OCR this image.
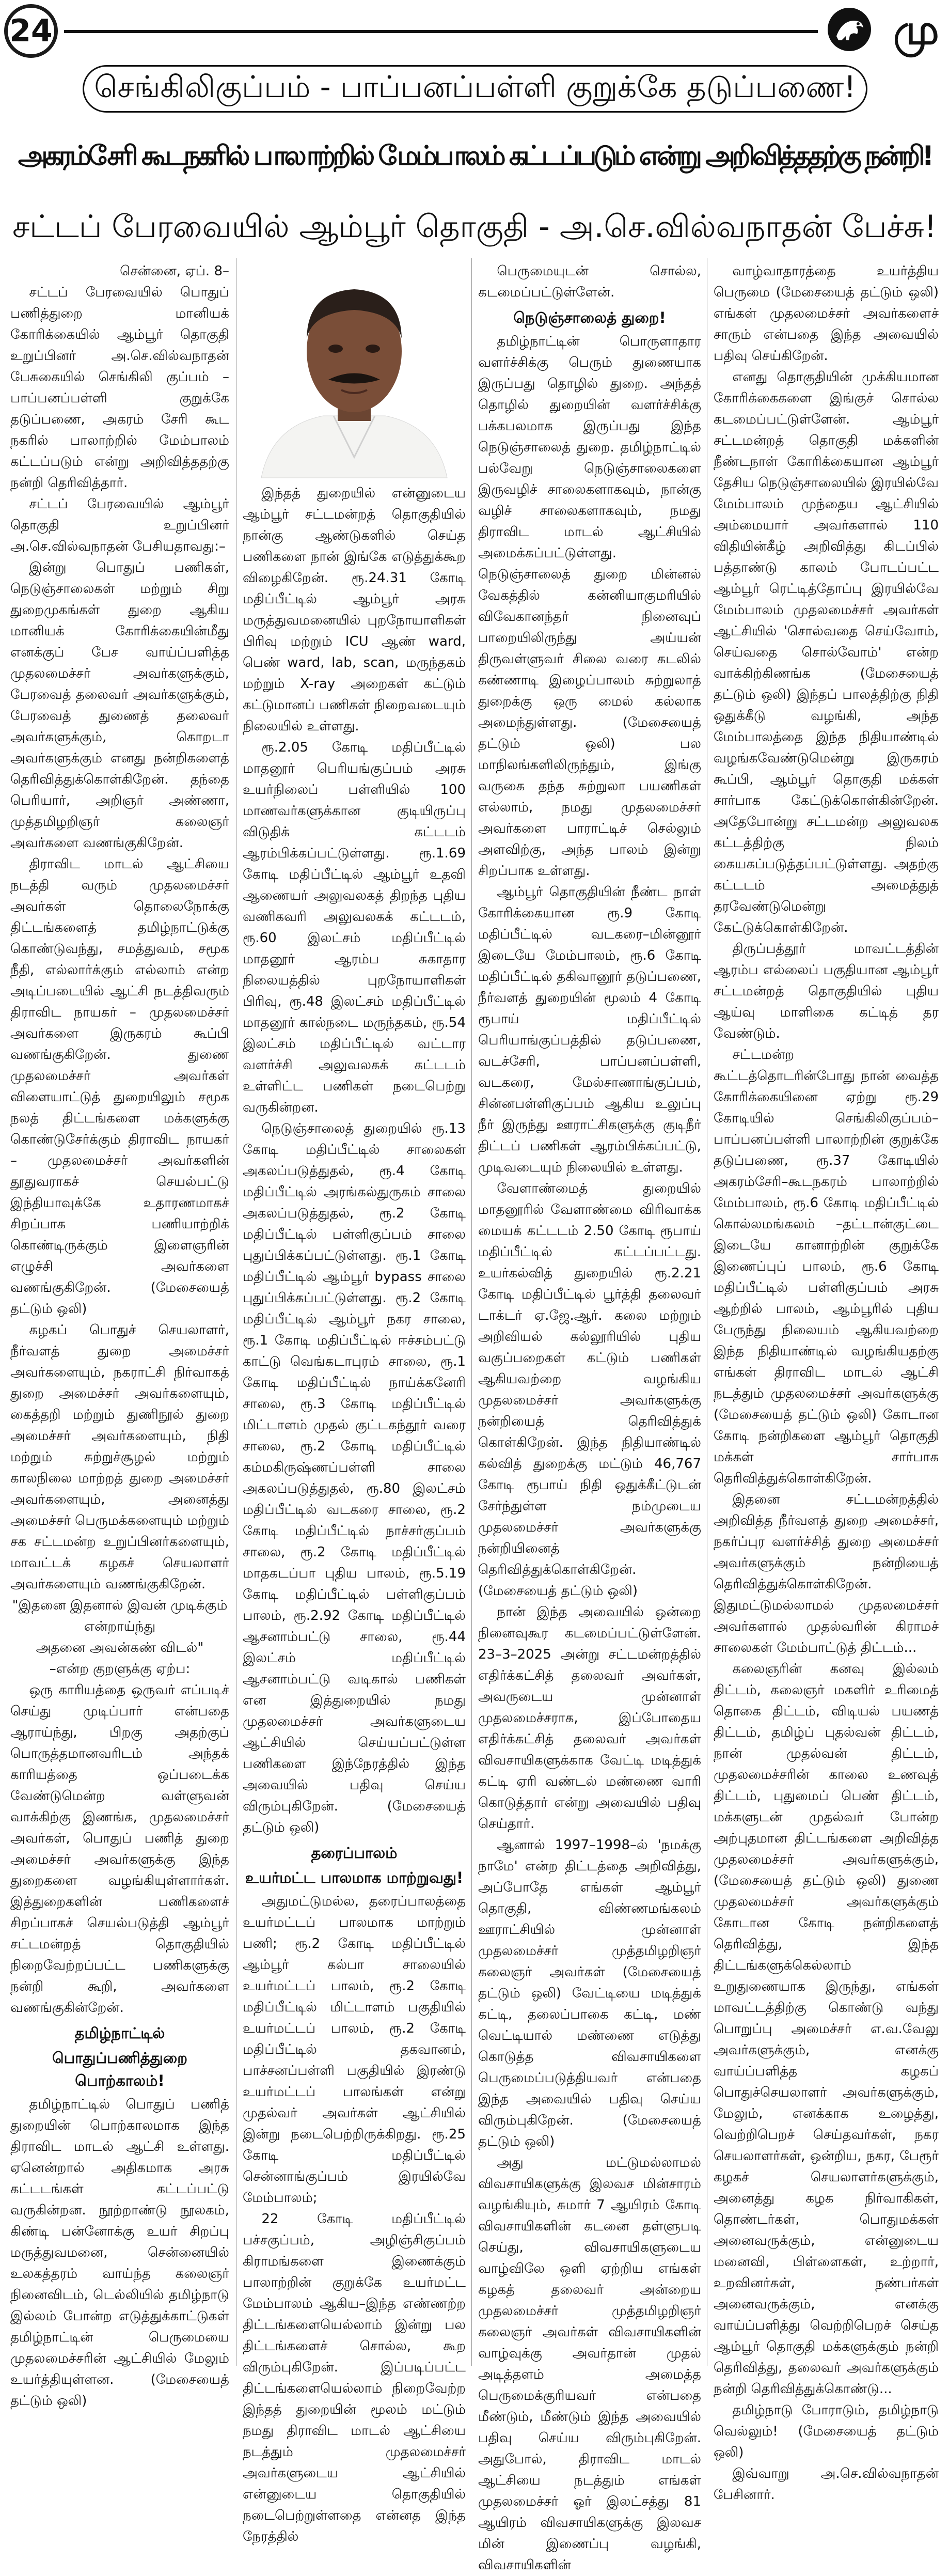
24	மு
செங்கிலிகுப்பம் - பாப்பனப்பள்ளி குறுக்கே தடுப்பணை!
அகரம்சேரி கூடநகரில் பாலாற்றில் மேம்பாலம் கட்டப்படும் என்று அறிவித்ததற்கு நன்றி!
சட்டப் பேரவையில் ஆம்பூர் தொகுதி - அ.செ.வில்வநாதன் பேச்சு!

சென்னை, ஏப். 8–

சட்டப் பேரவையில் பொதுப் பணித்துறை மானியக் கோரிக்கையில் ஆம்பூர் தொகுதி உறுப்பினர் அ.செ.வில்வநாதன் பேசுகையில் செங்கிலி குப்பம் – பாப்பனப்பள்ளி குறுக்கே தடுப்பணை, அகரம் சேரி கூட நகரில் பாலாற்றில் மேம்பாலம் கட்டப்படும் என்று அறிவித்ததற்கு நன்றி தெரிவித்தார்.

சட்டப் பேரவையில் ஆம்பூர் தொகுதி உறுப்பினர் அ.செ.வில்வநாதன் பேசியதாவது:–

இன்று பொதுப் பணிகள், நெடுஞ்சாலைகள் மற்றும் சிறு துறைமுகங்கள் துறை ஆகிய மானியக் கோரிக்கையின்மீது எனக்குப் பேச வாய்ப்பளித்த முதலமைச்சர் அவர்களுக்கும், பேரவைத் தலைவர் அவர்களுக்கும், பேரவைத் துணைத் தலைவர் அவர்களுக்கும், கொறடா அவர்களுக்கும் எனது நன்றிகளைத் தெரிவித்துக்கொள்கிறேன். தந்தை பெரியார், அறிஞர் அண்ணா, முத்தமிழறிஞர் கலைஞர் அவர்களை வணங்குகிறேன்.

திராவிட மாடல் ஆட்சியை நடத்தி வரும் முதலமைச்சர் அவர்கள் தொலைநோக்கு திட்டங்களைத் தமிழ்நாட்டுக்கு கொண்டுவந்து, சமத்துவம், சமூக நீதி, எல்லார்க்கும் எல்லாம் என்ற அடிப்படையில் ஆட்சி நடத்திவரும் திராவிட நாயகர் – முதலமைச்சர் அவர்களை இருகரம் கூப்பி வணங்குகிறேன். துணை முதலமைச்சர் அவர்கள் விளையாட்டுத் துறையிலும் சமூக நலத் திட்டங்களை மக்களுக்கு கொண்டுசேர்க்கும் திராவிட நாயகர் – முதலமைச்சர் அவர்களின் தூதுவராகச் செயல்பட்டு இந்தியாவுக்கே உதாரணமாகச் சிறப்பாக பணியாற்றிக் கொண்டிருக்கும் இளைஞரின் எழுச்சி அவர்களை வணங்குகிறேன். (மேசையைத் தட்டும் ஒலி)

கழகப் பொதுச் செயலாளர், நீர்வளத் துறை அமைச்சர் அவர்களையும், நகராட்சி நிர்வாகத் துறை அமைச்சர் அவர்களையும், கைத்தறி மற்றும் துணிநூல் துறை அமைச்சர் அவர்களையும், நிதி மற்றும் சுற்றுச்சூழல் மற்றும் காலநிலை மாற்றத் துறை அமைச்சர் அவர்களையும், அனைத்து அமைச்சர் பெருமக்களையும் மற்றும் சக சட்டமன்ற உறுப்பினர்களையும், மாவட்டக் கழகச் செயலாளர் அவர்களையும் வணங்குகிறேன்.

"இதனை இதனால் இவன் முடிக்கும் என்றாய்ந்து

அதனை அவன்கண் விடல்"

–என்ற குறளுக்கு ஏற்ப:

ஒரு காரியத்தை ஒருவர் எப்படிச் செய்து முடிப்பார் என்பதை ஆராய்ந்து, பிறகு அதற்குப் பொருத்தமானவரிடம் அந்தக் காரியத்தை ஒப்படைக்க வேண்டுமென்ற வள்ளுவன் வாக்கிற்கு இணங்க, முதலமைச்சர் அவர்கள், பொதுப் பணித் துறை அமைச்சர் அவர்களுக்கு இந்த துறைகளை வழங்கியுள்ளார்கள். இத்துறைகளின் பணிகளைச் சிறப்பாகச் செயல்படுத்தி ஆம்பூர் சட்டமன்றத் தொகுதியில் நிறைவேற்றப்பட்ட பணிகளுக்கு நன்றி கூறி, அவர்களை வணங்குகின்றேன்.

தமிழ்நாட்டில்
பொதுப்பணித்துறை பொற்காலம்!

தமிழ்நாட்டில் பொதுப் பணித் துறையின் பொற்காலமாக இந்த திராவிட மாடல் ஆட்சி உள்ளது. ஏனென்றால் அதிகமாக அரசு கட்டடங்கள் கட்டப்பட்டு வருகின்றன. நூற்றாண்டு நூலகம், கிண்டி பன்னோக்கு உயர் சிறப்பு மருத்துவமனை, சென்னையில் உலகத்தரம் வாய்ந்த கலைஞர் நினைவிடம், டெல்லியில் தமிழ்நாடு இல்லம் போன்ற எடுத்துக்காட்டுகள் தமிழ்நாட்டின் பெருமையை முதலமைச்சரின் ஆட்சியில் மேலும் உயர்த்தியுள்ளன. (மேசையைத் தட்டும் ஒலி)

இந்தத் துறையில் என்னுடைய ஆம்பூர் சட்டமன்றத் தொகுதியில் நான்கு ஆண்டுகளில் செய்த பணிகளை நான் இங்கே எடுத்துக்கூற விழைகிறேன். ரூ.24.31 கோடி மதிப்பீட்டில் ஆம்பூர் அரசு மருத்துவமனையில் புறநோயாளிகள் பிரிவு மற்றும் ICU ஆண் ward, பெண் ward, lab, scan, மருந்தகம் மற்றும் X-ray அறைகள் கட்டும் கட்டுமானப் பணிகள் நிறைவடையும் நிலையில் உள்ளது.

ரூ.2.05 கோடி மதிப்பீட்டில் மாதனூர் பெரியங்குப்பம் அரசு உயர்நிலைப் பள்ளியில் 100 மாணவர்களுக்கான குடியிருப்பு விடுதிக் கட்டடம் ஆரம்பிக்கப்பட்டுள்ளது. ரூ.1.69 கோடி மதிப்பீட்டில் ஆம்பூர் உதவி ஆணையர் அலுவலகத் திறந்த புதிய வணிகவரி அலுவலகக் கட்டடம், ரூ.60 இலட்சம் மதிப்பீட்டில் மாதனூர் ஆரம்ப சுகாதார நிலையத்தில் புறநோயாளிகள் பிரிவு, ரூ.48 இலட்சம் மதிப்பீட்டில் மாதனூர் கால்நடை மருந்தகம், ரூ.54 இலட்சம் மதிப்பீட்டில் வட்டார வளர்ச்சி அலுவலகக் கட்டடம் உள்ளிட்ட பணிகள் நடைபெற்று வருகின்றன.

நெடுஞ்சாலைத் துறையில் ரூ.13 கோடி மதிப்பீட்டில் சாலைகள் அகலப்படுத்துதல், ரூ.4 கோடி மதிப்பீட்டில் அரங்கல்துருகம் சாலை அகலப்படுத்துதல், ரூ.2 கோடி மதிப்பீட்டில் பள்ளிகுப்பம் சாலை புதுப்பிக்கப்பட்டுள்ளது. ரூ.1 கோடி மதிப்பீட்டில் ஆம்பூர் bypass சாலை புதுப்பிக்கப்பட்டுள்ளது. ரூ.2 கோடி மதிப்பீட்டில் ஆம்பூர் நகர சாலை, ரூ.1 கோடி மதிப்பீட்டில் ஈச்சம்பட்டு காட்டு வெங்கடாபுரம் சாலை, ரூ.1 கோடி மதிப்பீட்டில் நாய்க்கனேரி சாலை, ரூ.3 கோடி மதிப்பீட்டில் மிட்டாளம் முதல் குட்டகந்தூர் வரை சாலை, ரூ.2 கோடி மதிப்பீட்டில் கம்மகிருஷ்ணப்பள்ளி சாலை அகலப்படுத்துதல், ரூ.80 இலட்சம் மதிப்பீட்டில் வடகரை சாலை, ரூ.2 கோடி மதிப்பீட்டில் நாச்சர்குப்பம் சாலை, ரூ.2 கோடி மதிப்பீட்டில் மாதகடப்பா புதிய பாலம், ரூ.5.19 கோடி மதிப்பீட்டில் பள்ளிகுப்பம் பாலம், ரூ.2.92 கோடி மதிப்பீட்டில் ஆசனாம்பட்டு சாலை, ரூ.44 இலட்சம் மதிப்பீட்டில் ஆசனாம்பட்டு வடிகால் பணிகள் என இத்துறையில் நமது முதலமைச்சர் அவர்களுடைய ஆட்சியில் செய்யப்பட்டுள்ள பணிகளை இந்நேரத்தில் இந்த அவையில் பதிவு செய்ய விரும்புகிறேன். (மேசையைத் தட்டும் ஒலி)

தரைப்பாலம்
உயர்மட்ட பாலமாக மாற்றுவது!

அதுமட்டுமல்ல, தரைப்பாலத்தை உயர்மட்டப் பாலமாக மாற்றும் பணி; ரூ.2 கோடி மதிப்பீட்டில் ஆம்பூர் கல்பா சாலையில் உயர்மட்டப் பாலம், ரூ.2 கோடி மதிப்பீட்டில் மிட்டாளம் பகுதியில் உயர்மட்டப் பாலம், ரூ.2 கோடி மதிப்பீட்டில் தகவானம், பாச்சனப்பள்ளி பகுதியில் இரண்டு உயர்மட்டப் பாலங்கள் என்று முதல்வர் அவர்கள் ஆட்சியில் இன்று நடைபெற்றிருக்கிறது. ரூ.25 கோடி மதிப்பீட்டில் சென்னாங்குப்பம் இரயில்வே மேம்பாலம்;

22 கோடி மதிப்பீட்டில் பச்சகுப்பம், அழிஞ்சிகுப்பம் கிராமங்களை இணைக்கும் பாலாற்றின் குறுக்கே உயர்மட்ட மேம்பாலம் ஆகிய–இந்த எண்ணற்ற திட்டங்களையெல்லாம் இன்று பல திட்டங்களைச் சொல்ல, கூற விரும்புகிறேன். இப்படிப்பட்ட திட்டங்களையெல்லாம் நிறைவேற்ற இந்தத் துறையின் மூலம் மட்டும் நமது திராவிட மாடல் ஆட்சியை நடத்தும் முதலமைச்சர் அவர்களுடைய ஆட்சியில் என்னுடைய தொகுதியில் நடைபெற்றுள்ளதை என்னத இந்த நேரத்தில்

பெருமையுடன் சொல்ல, கடமைப்பட்டுள்ளேன்.

நெடுஞ்சாலைத் துறை!

தமிழ்நாட்டின் பொருளாதார வளர்ச்சிக்கு பெரும் துணையாக இருப்பது தொழில் துறை. அந்தத் தொழில் துறையின் வளர்ச்சிக்கு பக்கபலமாக இருப்பது இந்த நெடுஞ்சாலைத் துறை. தமிழ்நாட்டில் பல்வேறு நெடுஞ்சாலைகளை இருவழிச் சாலைகளாகவும், நான்கு வழிச் சாலைகளாகவும், நமது திராவிட மாடல் ஆட்சியில் அமைக்கப்பட்டுள்ளது. நெடுஞ்சாலைத் துறை மின்னல் வேகத்தில் கன்னியாகுமரியில் விவேகானந்தர் நினைவுப் பாறையிலிருந்து அய்யன் திருவள்ளுவர் சிலை வரை கடலில் கண்ணாடி இழைப்பாலம் சுற்றுலாத் துறைக்கு ஒரு மைல் கல்லாக அமைந்துள்ளது. (மேசையைத் தட்டும் ஒலி) பல மாநிலங்களிலிருந்தும், இங்கு வருகை தந்த சுற்றுலா பயணிகள் எல்லாம், நமது முதலமைச்சர் அவர்களை பாராட்டிச் செல்லும் அளவிற்கு, அந்த பாலம் இன்று சிறப்பாக உள்ளது.

ஆம்பூர் தொகுதியின் நீண்ட நாள் கோரிக்கையான ரூ.9 கோடி மதிப்பீட்டில் வடகரை–மின்னூர் இடையே மேம்பாலம், ரூ.6 கோடி மதிப்பீட்டில் தகிவானூர் தடுப்பணை, நீர்வளத் துறையின் மூலம் 4 கோடி ரூபாய் மதிப்பீட்டில் பெரியாங்குப்பத்தில் தடுப்பணை, வடச்சேரி, பாப்பனப்பள்ளி, வடகரை, மேல்சாணாங்குப்பம், சின்னபள்ளிகுப்பம் ஆகிய உலுப்பு நீர் இருந்து ஊராட்சிகளுக்கு குடிநீர் திட்டப் பணிகள் ஆரம்பிக்கப்பட்டு, முடிவடையும் நிலையில் உள்ளது.

வேளாண்மைத் துறையில் மாதனூரில் வேளாண்மை விரிவாக்க மையக் கட்டடம் 2.50 கோடி ரூபாய் மதிப்பீட்டில் கட்டப்பட்டது. உயர்கல்வித் துறையில் ரூ.2.21 கோடி மதிப்பீட்டில் பூர்த்தி தலைவர் டாக்டர் ஏ.ஜே.ஆர். கலை மற்றும் அறிவியல் கல்லூரியில் புதிய வகுப்பறைகள் கட்டும் பணிகள் ஆகியவற்றை வழங்கிய முதலமைச்சர் அவர்களுக்கு நன்றியைத் தெரிவித்துக் கொள்கிறேன். இந்த நிதியாண்டில் கல்வித் துறைக்கு மட்டும் 46,767 கோடி ரூபாய் நிதி ஒதுக்கீட்டுடன் சேர்ந்துள்ள நம்முடைய முதலமைச்சர் அவர்களுக்கு நன்றியினைத் தெரிவித்துக்கொள்கிறேன். (மேசையைத் தட்டும் ஒலி)

நான் இந்த அவையில் ஒன்றை நினைவுகூர கடமைப்பட்டுள்ளேன். 23–3–2025 அன்று சட்டமன்றத்தில் எதிர்க்கட்சித் தலைவர் அவர்கள், அவருடைய முன்னாள் முதலமைச்சராக, இப்போதைய எதிர்க்கட்சித் தலைவர் அவர்கள் விவசாயிகளுக்காக வேட்டி மடித்துக் கட்டி ஏரி வண்டல் மண்ணை வாரி கொடுத்தார் என்று அவையில் பதிவு செய்தார்.

ஆனால் 1997–1998–ல் 'நமக்கு நாமே' என்ற திட்டத்தை அறிவித்து, அப்போதே எங்கள் ஆம்பூர் தொகுதி, விண்ணமங்கலம் ஊராட்சியில் முன்னாள் முதலமைச்சர் முத்தமிழறிஞர் கலைஞர் அவர்கள் (மேசையைத் தட்டும் ஒலி) வேட்டியை மடித்துக் கட்டி, தலைப்பாகை கட்டி, மண் வெட்டியால் மண்ணை எடுத்து கொடுத்த விவசாயிகளை பெருமைப்படுத்தியவர் என்பதை இந்த அவையில் பதிவு செய்ய விரும்புகிறேன். (மேசையைத் தட்டும் ஒலி)

அது மட்டுமல்லாமல் விவசாயிகளுக்கு இலவச மின்சாரம் வழங்கியும், சுமார் 7 ஆயிரம் கோடி விவசாயிகளின் கடனை தள்ளுபடி செய்து, விவசாயிகளுடைய வாழ்விலே ஒளி ஏற்றிய எங்கள் கழகத் தலைவர் அன்றைய முதலமைச்சர் முத்தமிழறிஞர் கலைஞர் அவர்கள் விவசாயிகளின் வாழ்வுக்கு அவர்தான் முதல் அடித்தளம் அமைத்த பெருமைக்குரியவர் என்பதை மீண்டும், மீண்டும் இந்த அவையில் பதிவு செய்ய விரும்புகிறேன். அதுபோல், திராவிட மாடல் ஆட்சியை நடத்தும் எங்கள் முதலமைச்சர் ஓர் இலட்சத்து 81 ஆயிரம் விவசாயிகளுக்கு இலவச மின் இணைப்பு வழங்கி, விவசாயிகளின்

வாழ்வாதாரத்தை உயர்த்திய பெருமை (மேசையைத் தட்டும் ஒலி) எங்கள் முதலமைச்சர் அவர்களைச் சாரும் என்பதை இந்த அவையில் பதிவு செய்கிறேன்.

எனது தொகுதியின் முக்கியமான கோரிக்கைகளை இங்குச் சொல்ல கடமைப்பட்டுள்ளேன். ஆம்பூர் சட்டமன்றத் தொகுதி மக்களின் நீண்டநாள் கோரிக்கையான ஆம்பூர் தேசிய நெடுஞ்சாலையில் இரயில்வே மேம்பாலம் முந்தைய ஆட்சியில் அம்மையார் அவர்களால் 110 விதியின்கீழ் அறிவித்து கிடப்பில் பத்தாண்டு காலம் போடப்பட்ட ஆம்பூர் ரெட்டித்தோப்பு இரயில்வே மேம்பாலம் முதலமைச்சர் அவர்கள் ஆட்சியில் 'சொல்வதை செய்வோம், செய்வதை சொல்வோம்' என்ற வாக்கிற்கிணங்க (மேசையைத் தட்டும் ஒலி) இந்தப் பாலத்திற்கு நிதி ஒதுக்கீடு வழங்கி, அந்த மேம்பாலத்தை இந்த நிதியாண்டில் வழங்கவேண்டுமென்று இருகரம் கூப்பி, ஆம்பூர் தொகுதி மக்கள் சார்பாக கேட்டுக்கொள்கின்றேன். அதேபோன்று சட்டமன்ற அலுவலக கட்டத்திற்கு நிலம் கையகப்படுத்தப்பட்டுள்ளது. அதற்கு கட்டடம் அமைத்துத் தரவேண்டுமென்று கேட்டுக்கொள்கிறேன்.

திருப்பத்தூர் மாவட்டத்தின் ஆரம்ப எல்லைப் பகுதியான ஆம்பூர் சட்டமன்றத் தொகுதியில் புதிய ஆய்வு மாளிகை கட்டித் தர வேண்டும்.

சட்டமன்ற கூட்டத்தொடரின்போது நான் வைத்த கோரிக்கையினை ஏற்று ரூ.29 கோடியில் செங்கிலிகுப்பம்–பாப்பனப்பள்ளி பாலாற்றின் குறுக்கே தடுப்பணை, ரூ.37 கோடியில் அகரம்சேரி–கூடநகரம் பாலாற்றில் மேம்பாலம், ரூ.6 கோடி மதிப்பீட்டில் கொல்லமங்கலம் –தட்டான்குட்டை இடையே கானாற்றின் குறுக்கே இணைப்புப் பாலம், ரூ.6 கோடி மதிப்பீட்டில் பள்ளிகுப்பம் அரசு ஆற்றில் பாலம், ஆம்பூரில் புதிய பேருந்து நிலையம் ஆகியவற்றை இந்த நிதியாண்டில் வழங்கியதற்கு எங்கள் திராவிட மாடல் ஆட்சி நடத்தும் முதலமைச்சர் அவர்களுக்கு (மேசையைத் தட்டும் ஒலி) கோடான கோடி நன்றிகளை ஆம்பூர் தொகுதி மக்கள் சார்பாக தெரிவித்துக்கொள்கிறேன்.

இதனை சட்டமன்றத்தில் அறிவித்த நீர்வளத் துறை அமைச்சர், நகர்ப்புர வளர்ச்சித் துறை அமைச்சர் அவர்களுக்கும் நன்றியைத் தெரிவித்துக்கொள்கிறேன். இதுமட்டுமல்லாமல் முதலமைச்சர் அவர்களால் முதல்வரின் கிராமச் சாலைகள் மேம்பாட்டுத் திட்டம்...

கலைஞரின் கனவு இல்லம் திட்டம், கலைஞர் மகளிர் உரிமைத் தொகை திட்டம், விடியல் பயணத் திட்டம், தமிழ்ப் புதல்வன் திட்டம், நான் முதல்வன் திட்டம், முதலமைச்சரின் காலை உணவுத் திட்டம், புதுமைப் பெண் திட்டம், மக்களுடன் முதல்வர் போன்ற அற்புதமான திட்டங்களை அறிவித்த முதலமைச்சர் அவர்களுக்கும், (மேசையைத் தட்டும் ஒலி) துணை முதலமைச்சர் அவர்களுக்கும் கோடான கோடி நன்றிகளைத் தெரிவித்து, இந்த திட்டங்களுக்கெல்லாம் உறுதுணையாக இருந்து, எங்கள் மாவட்டத்திற்கு கொண்டு வந்து பொறுப்பு அமைச்சர் எ.வ.வேலு அவர்களுக்கும், எனக்கு வாய்ப்பளித்த கழகப் பொதுச்செயலாளர் அவர்களுக்கும், மேலும், எனக்காக உழைத்து, வெற்றிபெறச் செய்தவர்கள், நகர செயலாளர்கள், ஒன்றிய, நகர, பேரூர் கழகச் செயலாளர்களுக்கும், அனைத்து கழக நிர்வாகிகள், தொண்டர்கள், பொதுமக்கள் அனைவருக்கும், என்னுடைய மனைவி, பிள்ளைகள், உற்றார், உறவினர்கள், நண்பர்கள் அனைவருக்கும், எனக்கு வாய்ப்பளித்து வெற்றிபெறச் செய்த ஆம்பூர் தொகுதி மக்களுக்கும் நன்றி தெரிவித்து, தலைவர் அவர்களுக்கும் நன்றி தெரிவித்துக்கொண்டு...

தமிழ்நாடு போராடும், தமிழ்நாடு வெல்லும்! (மேசையைத் தட்டும் ஒலி)

இவ்வாறு அ.செ.வில்வநாதன் பேசினார்.
